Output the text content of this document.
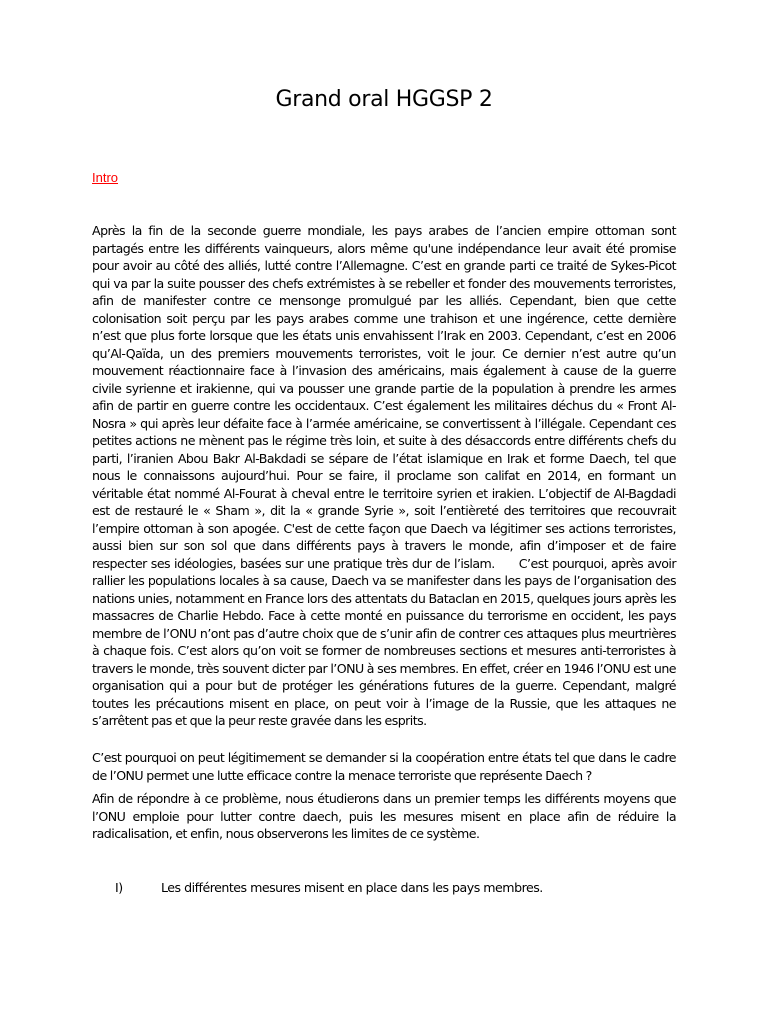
Grand oral HGGSP 2
Intro

Après la fin de la seconde guerre mondiale, les pays arabes de l’ancien empire ottoman sont partagés entre les différents vainqueurs, alors même qu'une indépendance leur avait été promise pour avoir au côté des alliés, lutté contre l’Allemagne. C’est en grande parti ce traité de Sykes-Picot qui va par la suite pousser des chefs extrémistes à se rebeller et fonder des mouvements terroristes, afin de manifester contre ce mensonge promulgué par les alliés. Cependant, bien que cette colonisation soit perçu par les pays arabes comme une trahison et une ingérence, cette dernière n’est que plus forte lorsque que les états unis envahissent l’Irak en 2003. Cependant, c’est en 2006 qu’Al-Qaïda, un des premiers mouvements terroristes, voit le jour. Ce dernier n’est autre qu’un mouvement réactionnaire face à l’invasion des américains, mais également à cause de la guerre civile syrienne et irakienne, qui va pousser une grande partie de la population à prendre les armes afin de partir en guerre contre les occidentaux. C’est également les militaires déchus du « Front Al-Nosra » qui après leur défaite face à l’armée américaine, se convertissent à l’illégale. Cependant ces petites actions ne mènent pas le régime très loin, et suite à des désaccords entre différents chefs du parti, l’iranien Abou Bakr Al-Bakdadi se sépare de l’état islamique en Irak et forme Daech, tel que nous le connaissons aujourd’hui. Pour se faire, il proclame son califat en 2014, en formant un véritable état nommé Al-Fourat à cheval entre le territoire syrien et irakien. L’objectif de Al-Bagdadi est de restauré le « Sham », dit la « grande Syrie », soit l’entièreté des territoires que recouvrait l’empire ottoman à son apogée. C'est de cette façon que Daech va légitimer ses actions terroristes, aussi bien sur son sol que dans différents pays à travers le monde, afin d’imposer et de faire respecter ses idéologies, basées sur une pratique très dur de l’islam.      C’est pourquoi, après avoir rallier les populations locales à sa cause, Daech va se manifester dans les pays de l’organisation des nations unies, notamment en France lors des attentats du Bataclan en 2015, quelques jours après les massacres de Charlie Hebdo. Face à cette monté en puissance du terrorisme en occident, les pays membre de l’ONU n’ont pas d’autre choix que de s’unir afin de contrer ces attaques plus meurtrières à chaque fois. C’est alors qu’on voit se former de nombreuses sections et mesures anti-terroristes à travers le monde, très souvent dicter par l’ONU à ses membres. En effet, créer en 1946 l’ONU est une organisation qui a pour but de protéger les générations futures de la guerre. Cependant, malgré toutes les précautions misent en place, on peut voir à l’image de la Russie, que les attaques ne s’arrêtent pas et que la peur reste gravée dans les esprits.

C’est pourquoi on peut légitimement se demander si la coopération entre états tel que dans le cadre de l’ONU permet une lutte efficace contre la menace terroriste que représente Daech ?

Afin de répondre à ce problème, nous étudierons dans un premier temps les différents moyens que l’ONU emploie pour lutter contre daech, puis les mesures misent en place afin de réduire la radicalisation, et enfin, nous observerons les limites de ce système.

I)	Les différentes mesures misent en place dans les pays membres.
